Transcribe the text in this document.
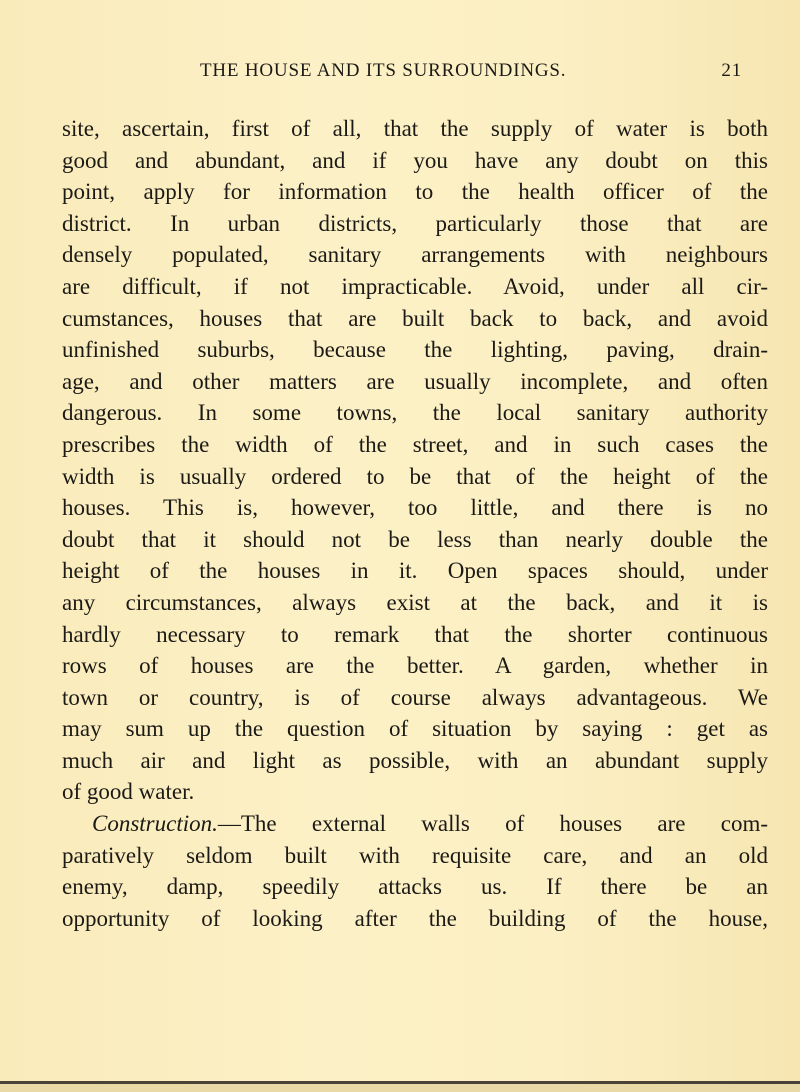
THE HOUSE AND ITS SURROUNDINGS.	21
site, ascertain, first of all, that the supply of water is both
good and abundant, and if you have any doubt on this
point, apply for information to the health officer of the
district. In urban districts, particularly those that are
densely populated, sanitary arrangements with neighbours
are difficult, if not impracticable. Avoid, under all cir-
cumstances, houses that are built back to back, and avoid
unfinished suburbs, because the lighting, paving, drain-
age, and other matters are usually incomplete, and often
dangerous. In some towns, the local sanitary authority
prescribes the width of the street, and in such cases the
width is usually ordered to be that of the height of the
houses. This is, however, too little, and there is no
doubt that it should not be less than nearly double the
height of the houses in it. Open spaces should, under
any circumstances, always exist at the back, and it is
hardly necessary to remark that the shorter continuous
rows of houses are the better. A garden, whether in
town or country, is of course always advantageous. We
may sum up the question of situation by saying : get as
much air and light as possible, with an abundant supply
of good water.
Construction.—The external walls of houses are com-
paratively seldom built with requisite care, and an old
enemy, damp, speedily attacks us. If there be an
opportunity of looking after the building of the house,
